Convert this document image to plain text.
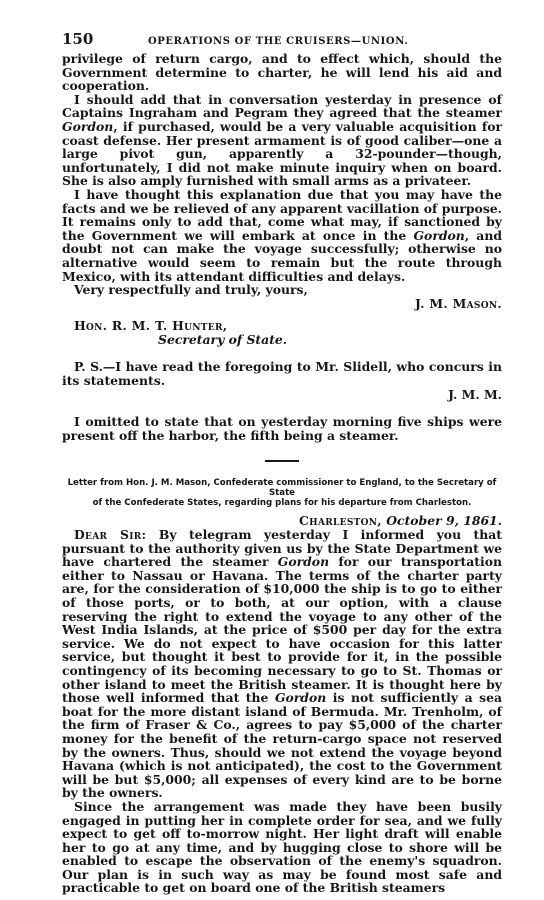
150	OPERATIONS OF THE CRUISERS—UNION.

privilege of return cargo, and to effect which, should the Government determine to charter, he will lend his aid and cooperation.

I should add that in conversation yesterday in presence of Captains Ingraham and Pegram they agreed that the steamer Gordon, if purchased, would be a very valuable acquisition for coast defense. Her present armament is of good caliber—one a large pivot gun, apparently a 32-pounder—though, unfortunately, I did not make minute inquiry when on board. She is also amply furnished with small arms as a privateer.

I have thought this explanation due that you may have the facts and we be relieved of any apparent vacillation of purpose. It remains only to add that, come what may, if sanctioned by the Government we will embark at once in the Gordon, and doubt not can make the voyage successfully; otherwise no alternative would seem to remain but the route through Mexico, with its attendant difficulties and delays.

Very respectfully and truly, yours,

J. M. Mason.

Hon. R. M. T. Hunter,

Secretary of State.

P. S.—I have read the foregoing to Mr. Slidell, who concurs in its statements.

J. M. M.

I omitted to state that on yesterday morning five ships were present off the harbor, the fifth being a steamer.

Letter from Hon. J. M. Mason, Confederate commissioner to England, to the Secretary of State
of the Confederate States, regarding plans for his departure from Charleston.

Charleston, October 9, 1861.

Dear Sir: By telegram yesterday I informed you that pursuant to the authority given us by the State Department we have chartered the steamer Gordon for our transportation either to Nassau or Havana. The terms of the charter party are, for the consideration of $10,000 the ship is to go to either of those ports, or to both, at our option, with a clause reserving the right to extend the voyage to any other of the West India Islands, at the price of $500 per day for the extra service. We do not expect to have occasion for this latter service, but thought it best to provide for it, in the possible contingency of its becoming necessary to go to St. Thomas or other island to meet the British steamer. It is thought here by those well informed that the Gordon is not sufficiently a sea boat for the more distant island of Bermuda. Mr. Trenholm, of the firm of Fraser & Co., agrees to pay $5,000 of the charter money for the benefit of the return-cargo space not reserved by the owners. Thus, should we not extend the voyage beyond Havana (which is not anticipated), the cost to the Government will be but $5,000; all expenses of every kind are to be borne by the owners.

Since the arrangement was made they have been busily engaged in putting her in complete order for sea, and we fully expect to get off to-morrow night. Her light draft will enable her to go at any time, and by hugging close to shore will be enabled to escape the observation of the enemy's squadron. Our plan is in such way as may be found most safe and practicable to get on board one of the British steamers
